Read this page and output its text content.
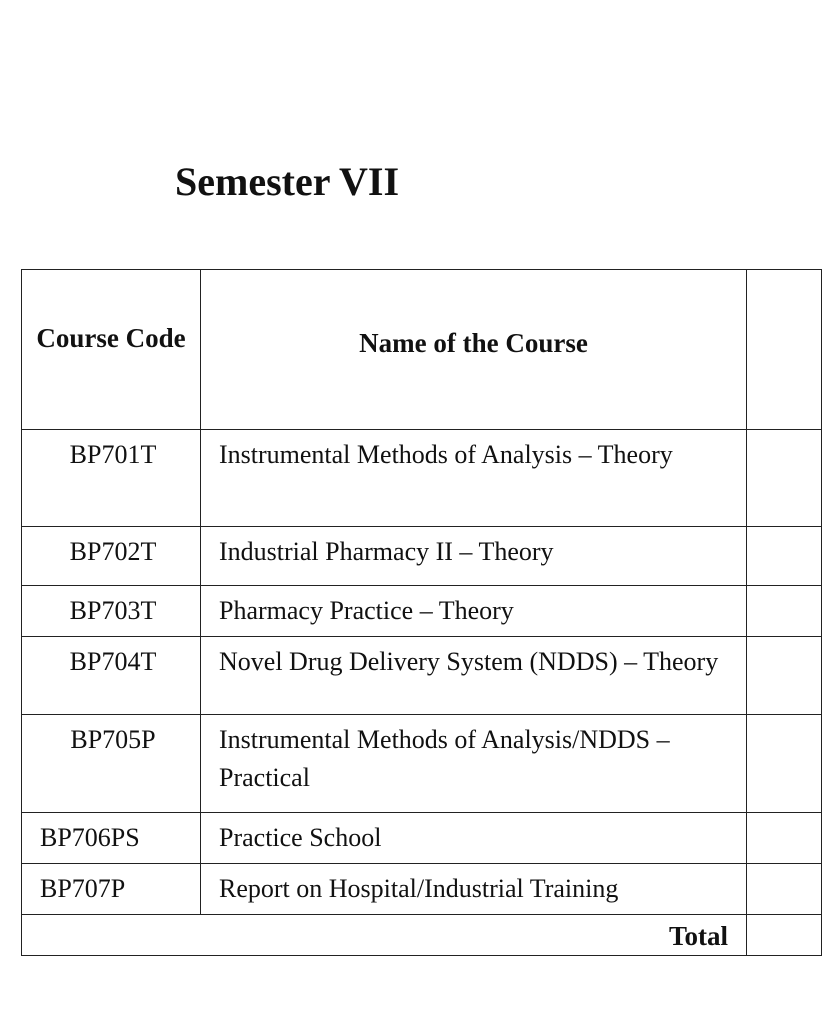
Semester VII
Course Code	Name of the Course	
BP701T	Instrumental Methods of Analysis – Theory	
BP702T	Industrial Pharmacy II – Theory	
BP703T	Pharmacy Practice – Theory	
BP704T	Novel Drug Delivery System (NDDS) – Theory	
BP705P	Instrumental Methods of Analysis/NDDS – Practical	
BP706PS	Practice School	
BP707P	Report on Hospital/Industrial Training	
Total		
